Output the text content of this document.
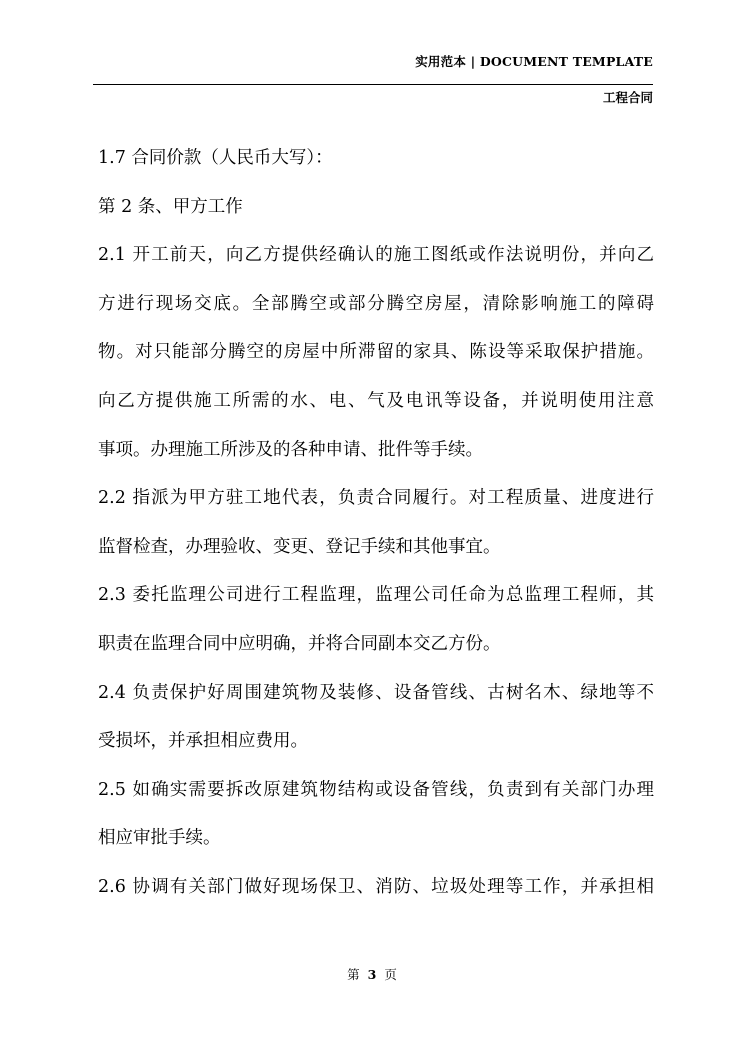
实用范本 | DOCUMENT TEMPLATE
工程合同
1.7 合同价款（人民币大写）：
第 2 条、甲方工作
2.1 开工前天，向乙方提供经确认的施工图纸或作法说明份，并向乙
方进行现场交底。全部腾空或部分腾空房屋，清除影响施工的障碍
物。对只能部分腾空的房屋中所滞留的家具、陈设等采取保护措施。
向乙方提供施工所需的水、电、气及电讯等设备，并说明使用注意
事项。办理施工所涉及的各种申请、批件等手续。
2.2 指派为甲方驻工地代表，负责合同履行。对工程质量、进度进行
监督检查，办理验收、变更、登记手续和其他事宜。
2.3 委托监理公司进行工程监理，监理公司任命为总监理工程师，其
职责在监理合同中应明确，并将合同副本交乙方份。
2.4 负责保护好周围建筑物及装修、设备管线、古树名木、绿地等不
受损坏，并承担相应费用。
2.5 如确实需要拆改原建筑物结构或设备管线，负责到有关部门办理
相应审批手续。
2.6 协调有关部门做好现场保卫、消防、垃圾处理等工作，并承担相
第 3 页
